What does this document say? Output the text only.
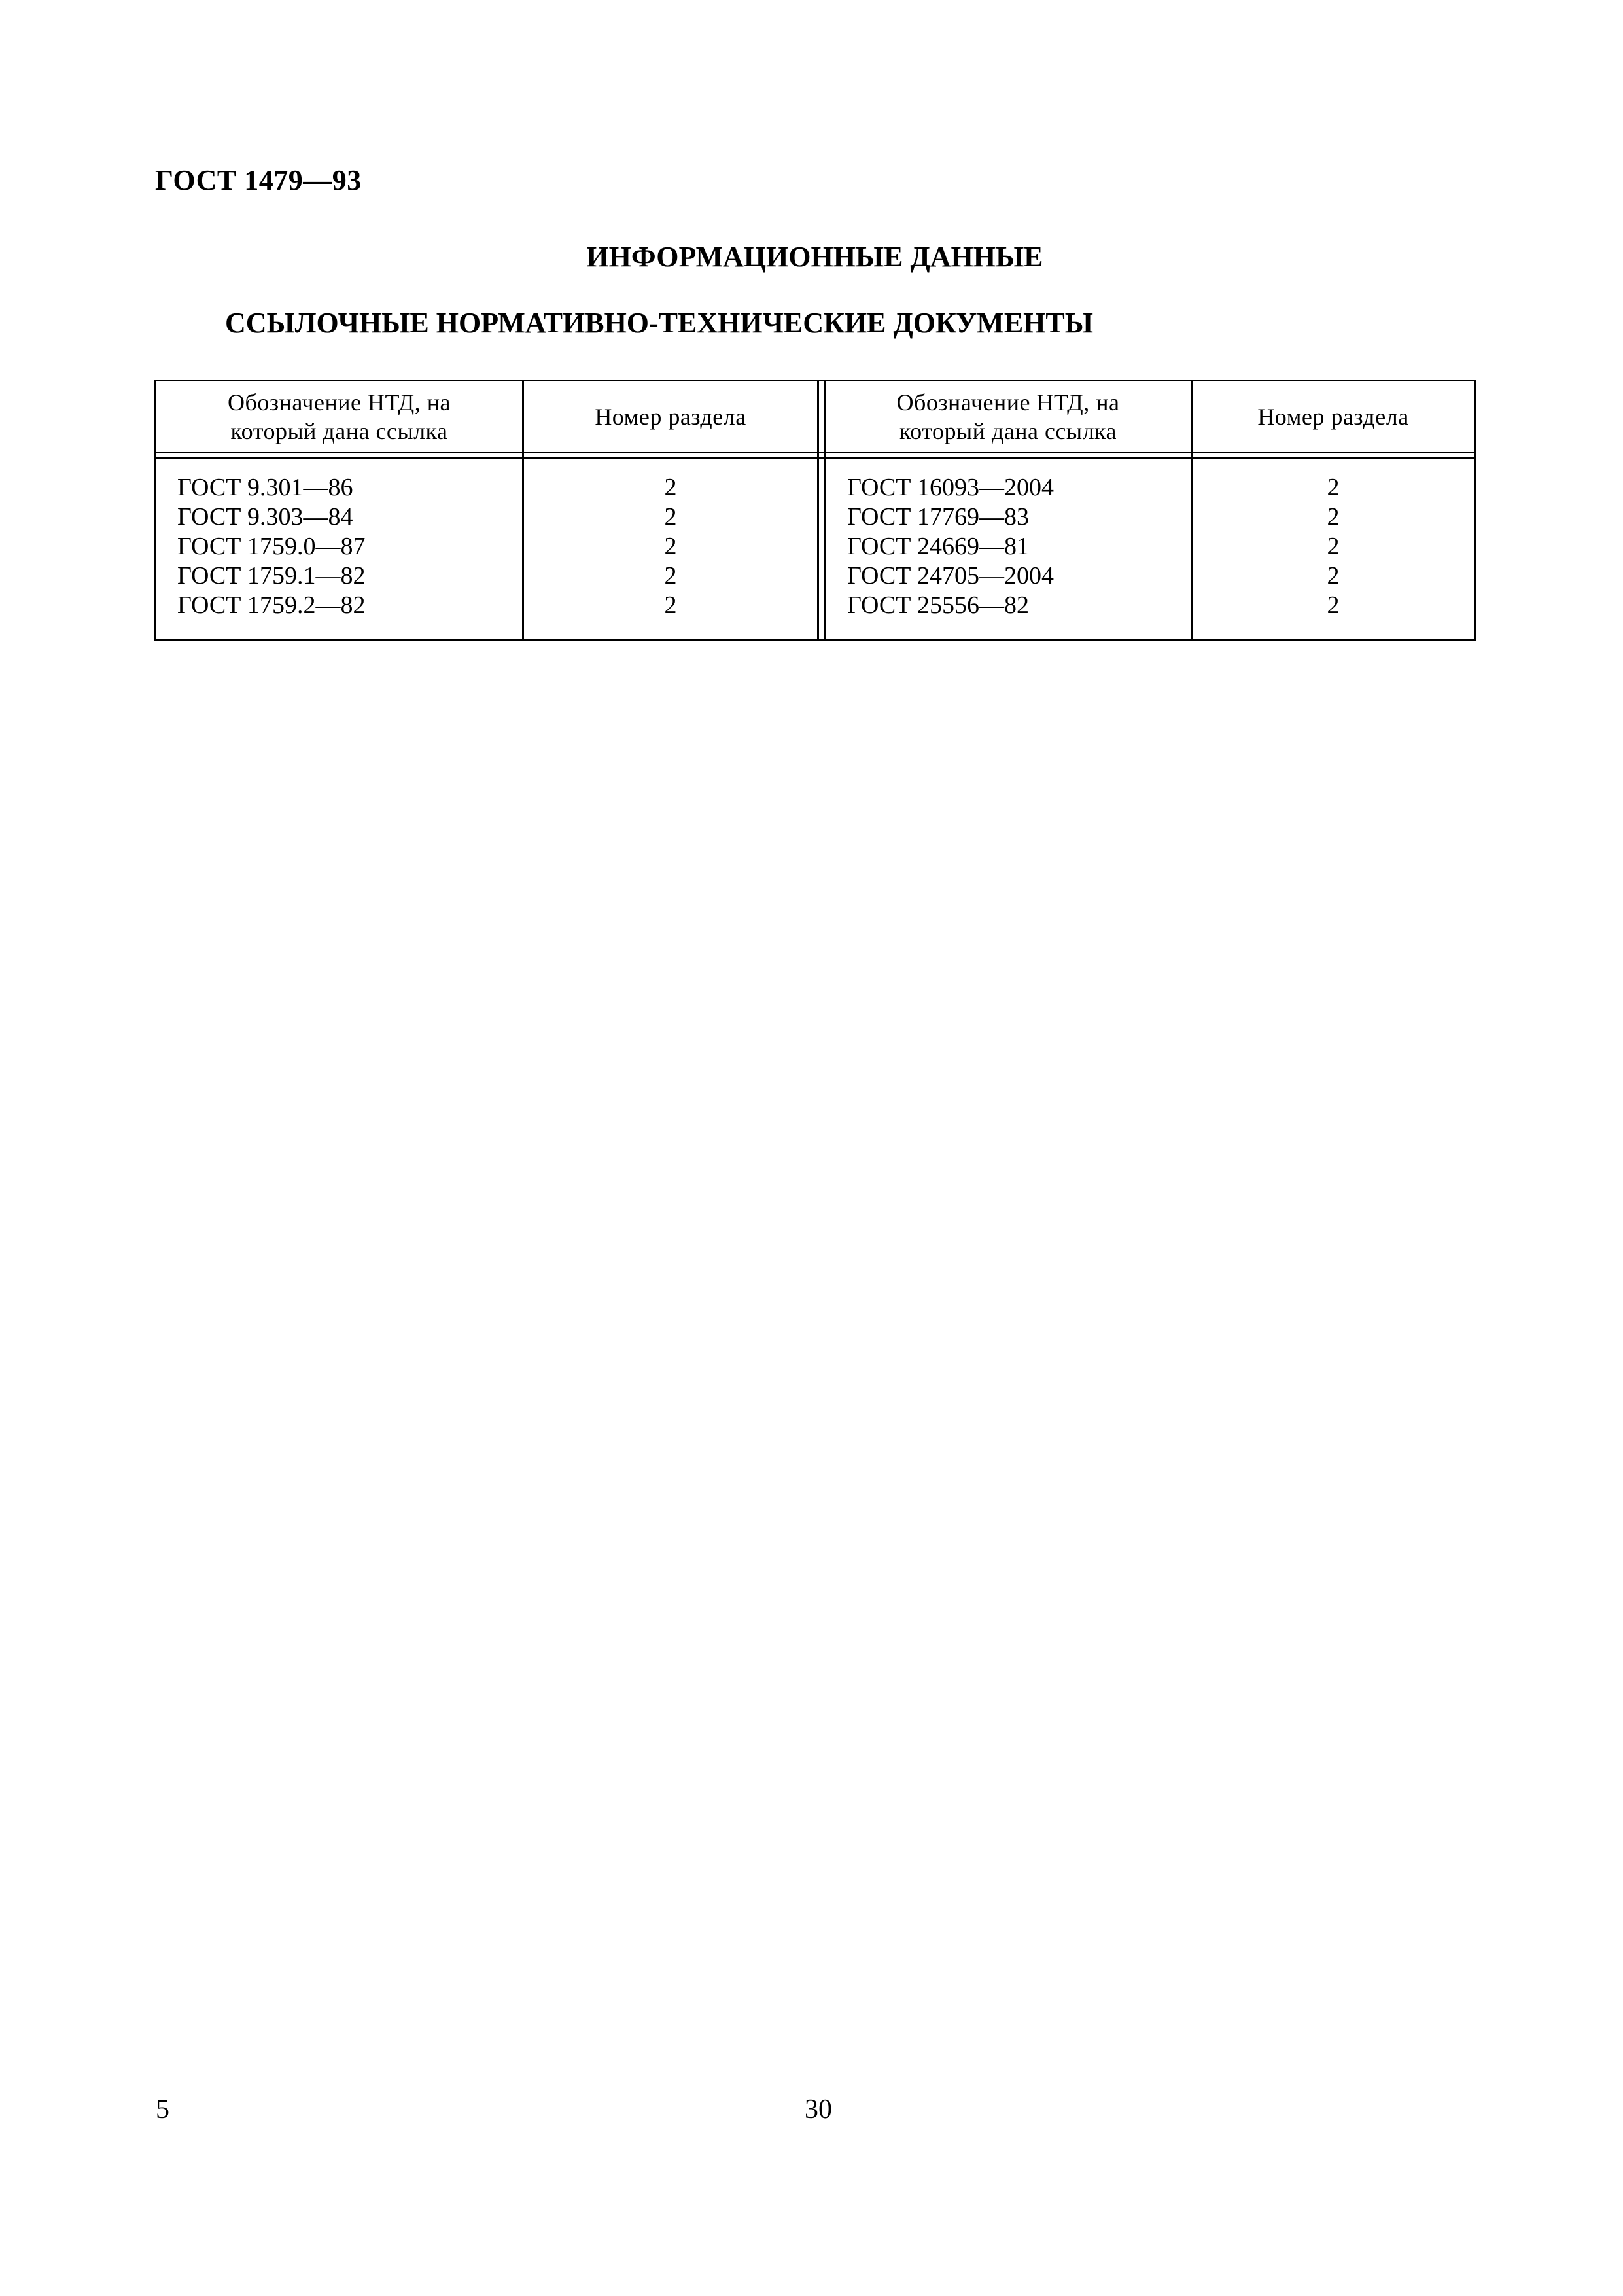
ГОСТ 1479—93
ИНФОРМАЦИОННЫЕ ДАННЫЕ
ССЫЛОЧНЫЕ НОРМАТИВНО-ТЕХНИЧЕСКИЕ ДОКУМЕНТЫ
Обозначение НТД, на
который дана ссылка
Номер раздела
Обозначение НТД, на
который дана ссылка
Номер раздела
ГОСТ 9.301—86
ГОСТ 9.303—84
ГОСТ 1759.0—87
ГОСТ 1759.1—82
ГОСТ 1759.2—82
2
2
2
2
2
ГОСТ 16093—2004
ГОСТ 17769—83
ГОСТ 24669—81
ГОСТ 24705—2004
ГОСТ 25556—82
2
2
2
2
2
5	30
